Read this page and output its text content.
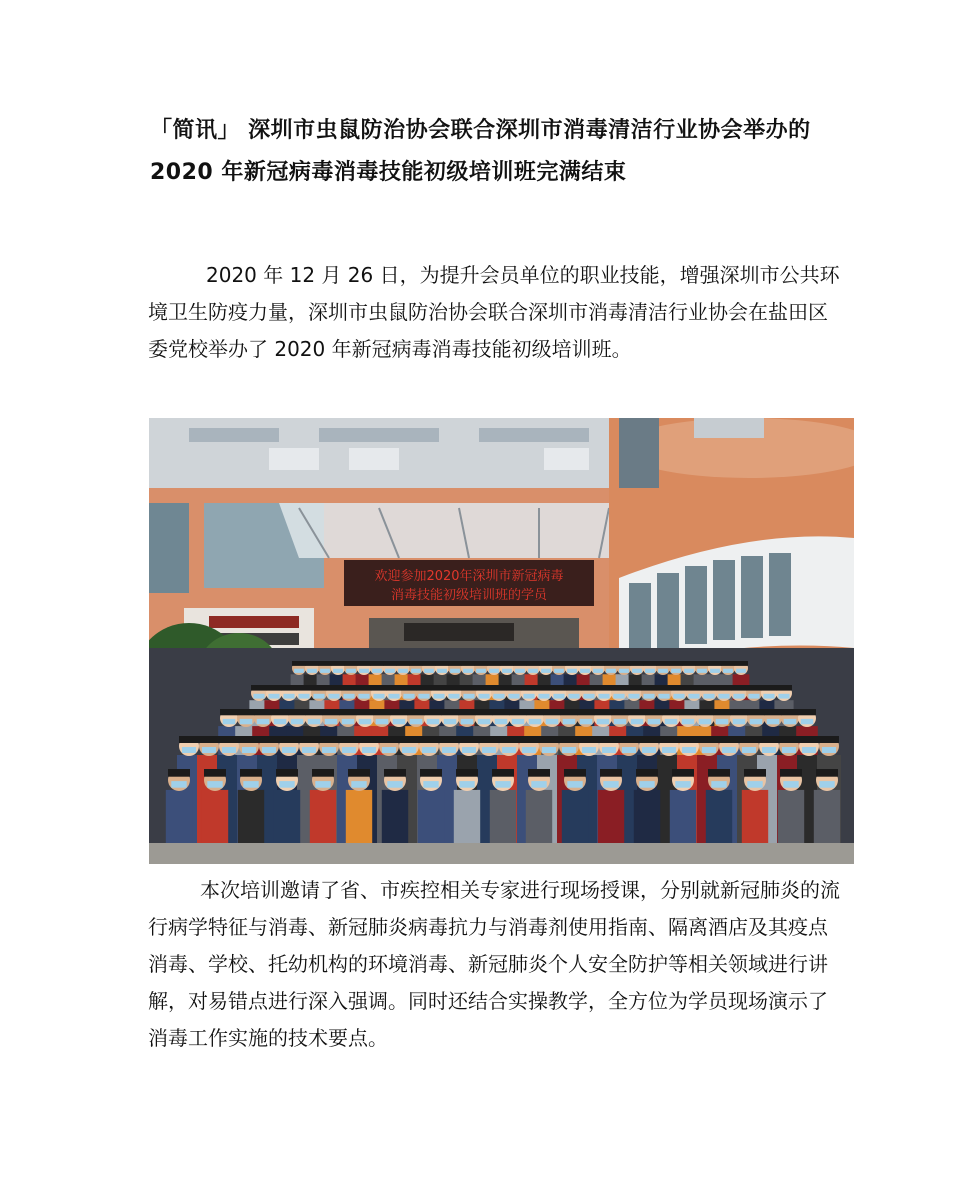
「简讯」 深圳市虫鼠防治协会联合深圳市消毒清洁行业协会举办的 2020 年新冠病毒消毒技能初级培训班完满结束

2020 年 12 月 26 日，为提升会员单位的职业技能，增强深圳市公共环境卫生防疫力量，深圳市虫鼠防治协会联合深圳市消毒清洁行业协会在盐田区委党校举办了 2020 年新冠病毒消毒技能初级培训班。

欢迎参加2020年深圳市新冠病毒
消毒技能初级培训班的学员

本次培训邀请了省、市疾控相关专家进行现场授课，分别就新冠肺炎的流行病学特征与消毒、新冠肺炎病毒抗力与消毒剂使用指南、隔离酒店及其疫点消毒、学校、托幼机构的环境消毒、新冠肺炎个人安全防护等相关领域进行讲解，对易错点进行深入强调。同时还结合实操教学，全方位为学员现场演示了消毒工作实施的技术要点。
